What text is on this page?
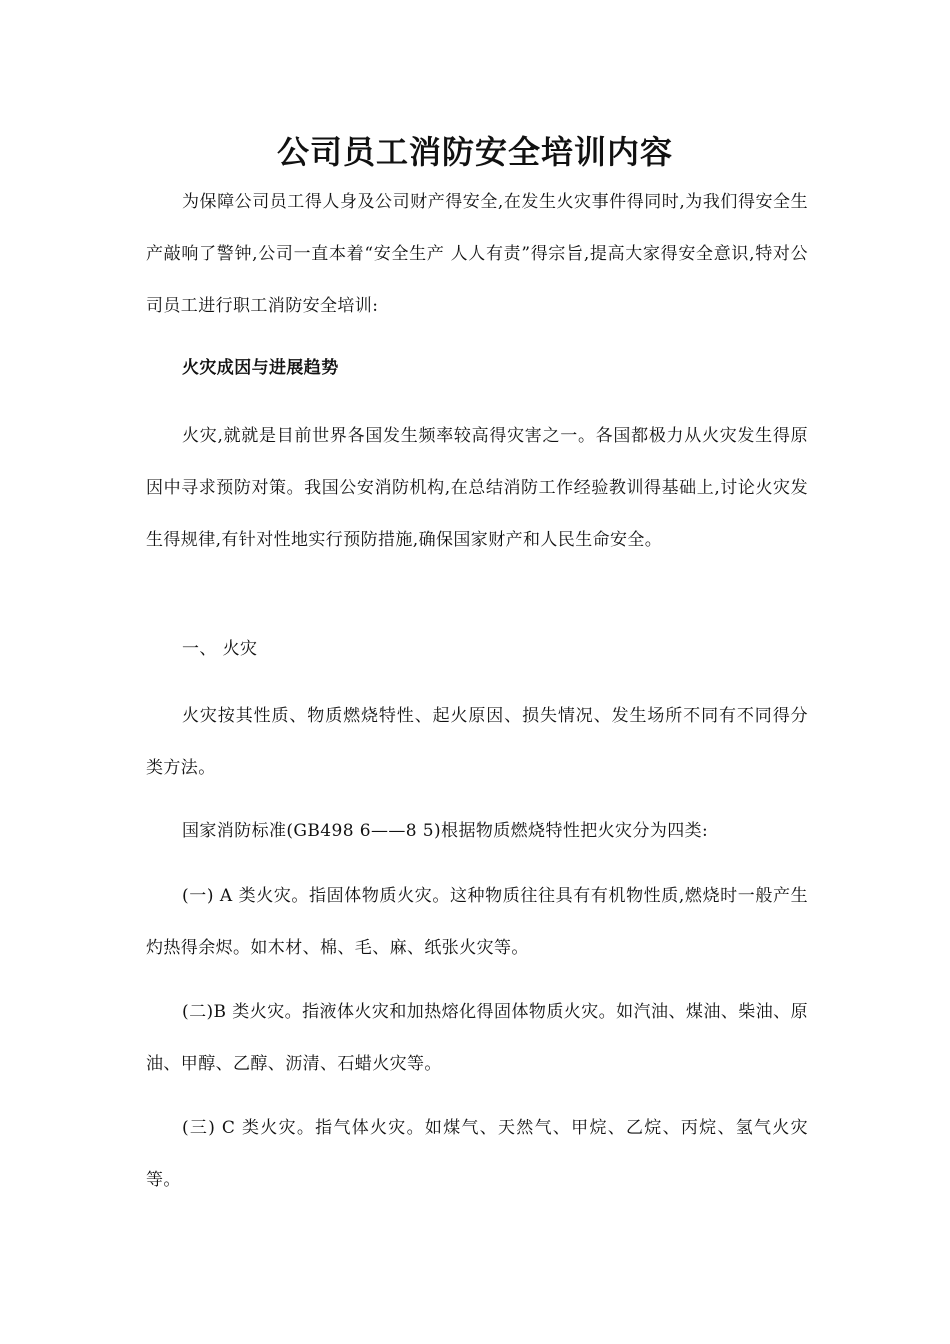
公司员工消防安全培训内容

为保障公司员工得人身及公司财产得安全,在发生火灾事件得同时,为我们得安全生产敲响了警钟,公司一直本着“安全生产 人人有责”得宗旨,提高大家得安全意识,特对公司员工进行职工消防安全培训:

火灾成因与进展趋势

火灾,就就是目前世界各国发生频率较高得灾害之一。各国都极力从火灾发生得原因中寻求预防对策。我国公安消防机构,在总结消防工作经验教训得基础上,讨论火灾发生得规律,有针对性地实行预防措施,确保国家财产和人民生命安全。

一、 火灾

火灾按其性质、物质燃烧特性、起火原因、损失情况、发生场所不同有不同得分类方法。

国家消防标准(GB498 6——8 5)根据物质燃烧特性把火灾分为四类:

(一) A 类火灾。指固体物质火灾。这种物质往往具有有机物性质,燃烧时一般产生灼热得余烬。如木材、棉、毛、麻、纸张火灾等。

(二)B 类火灾。指液体火灾和加热熔化得固体物质火灾。如汽油、煤油、柴油、原油、甲醇、乙醇、沥清、石蜡火灾等。

(三) C 类火灾。指气体火灾。如煤气、天然气、甲烷、乙烷、丙烷、氢气火灾等。
